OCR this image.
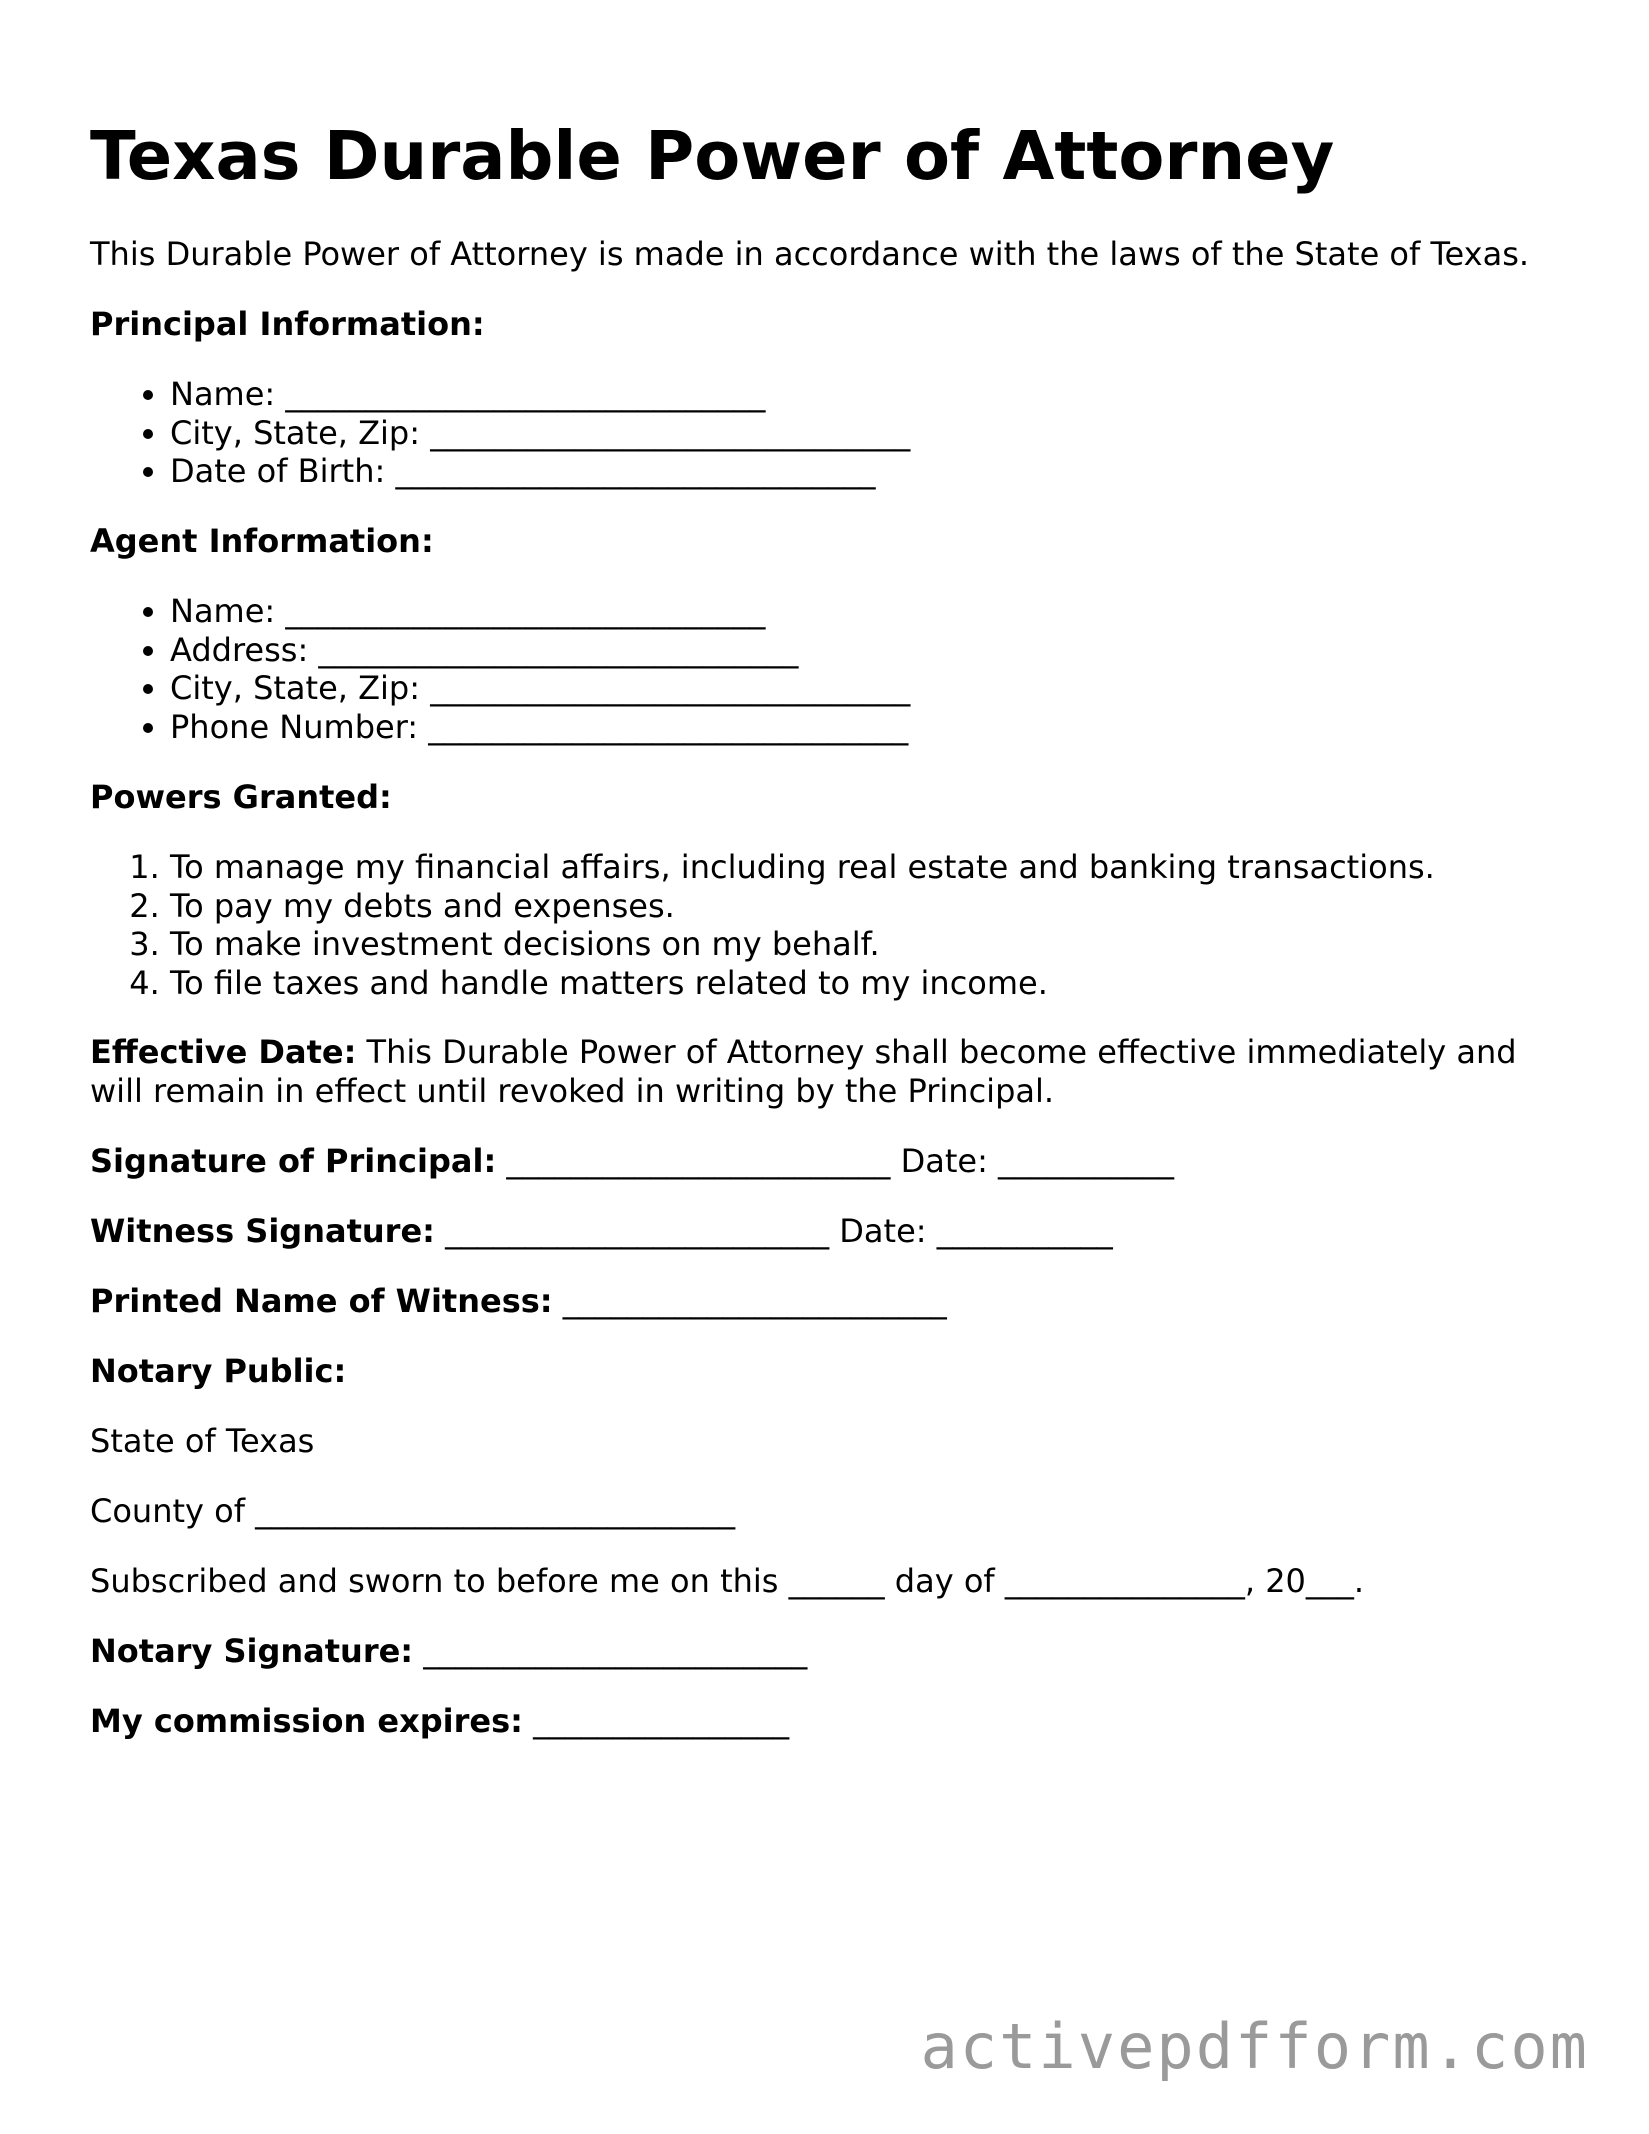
Texas Durable Power of Attorney
This Durable Power of Attorney is made in accordance with the laws of the State of Texas.
Principal Information:
• Name: ______________________________
• City, State, Zip: ______________________________
• Date of Birth: ______________________________
Agent Information:
• Name: ______________________________
• Address: ______________________________
• City, State, Zip: ______________________________
• Phone Number: ______________________________
Powers Granted:
1. To manage my financial affairs, including real estate and banking transactions.
2. To pay my debts and expenses.
3. To make investment decisions on my behalf.
4. To file taxes and handle matters related to my income.
Effective Date: This Durable Power of Attorney shall become effective immediately and will remain in effect until revoked in writing by the Principal.
Signature of Principal: ________________________ Date: ___________
Witness Signature: ________________________ Date: ___________
Printed Name of Witness: ________________________
Notary Public:
State of Texas
County of ______________________________
Subscribed and sworn to before me on this ______ day of _______________, 20___.
Notary Signature: ________________________
My commission expires: ________________
activepdfform.com
